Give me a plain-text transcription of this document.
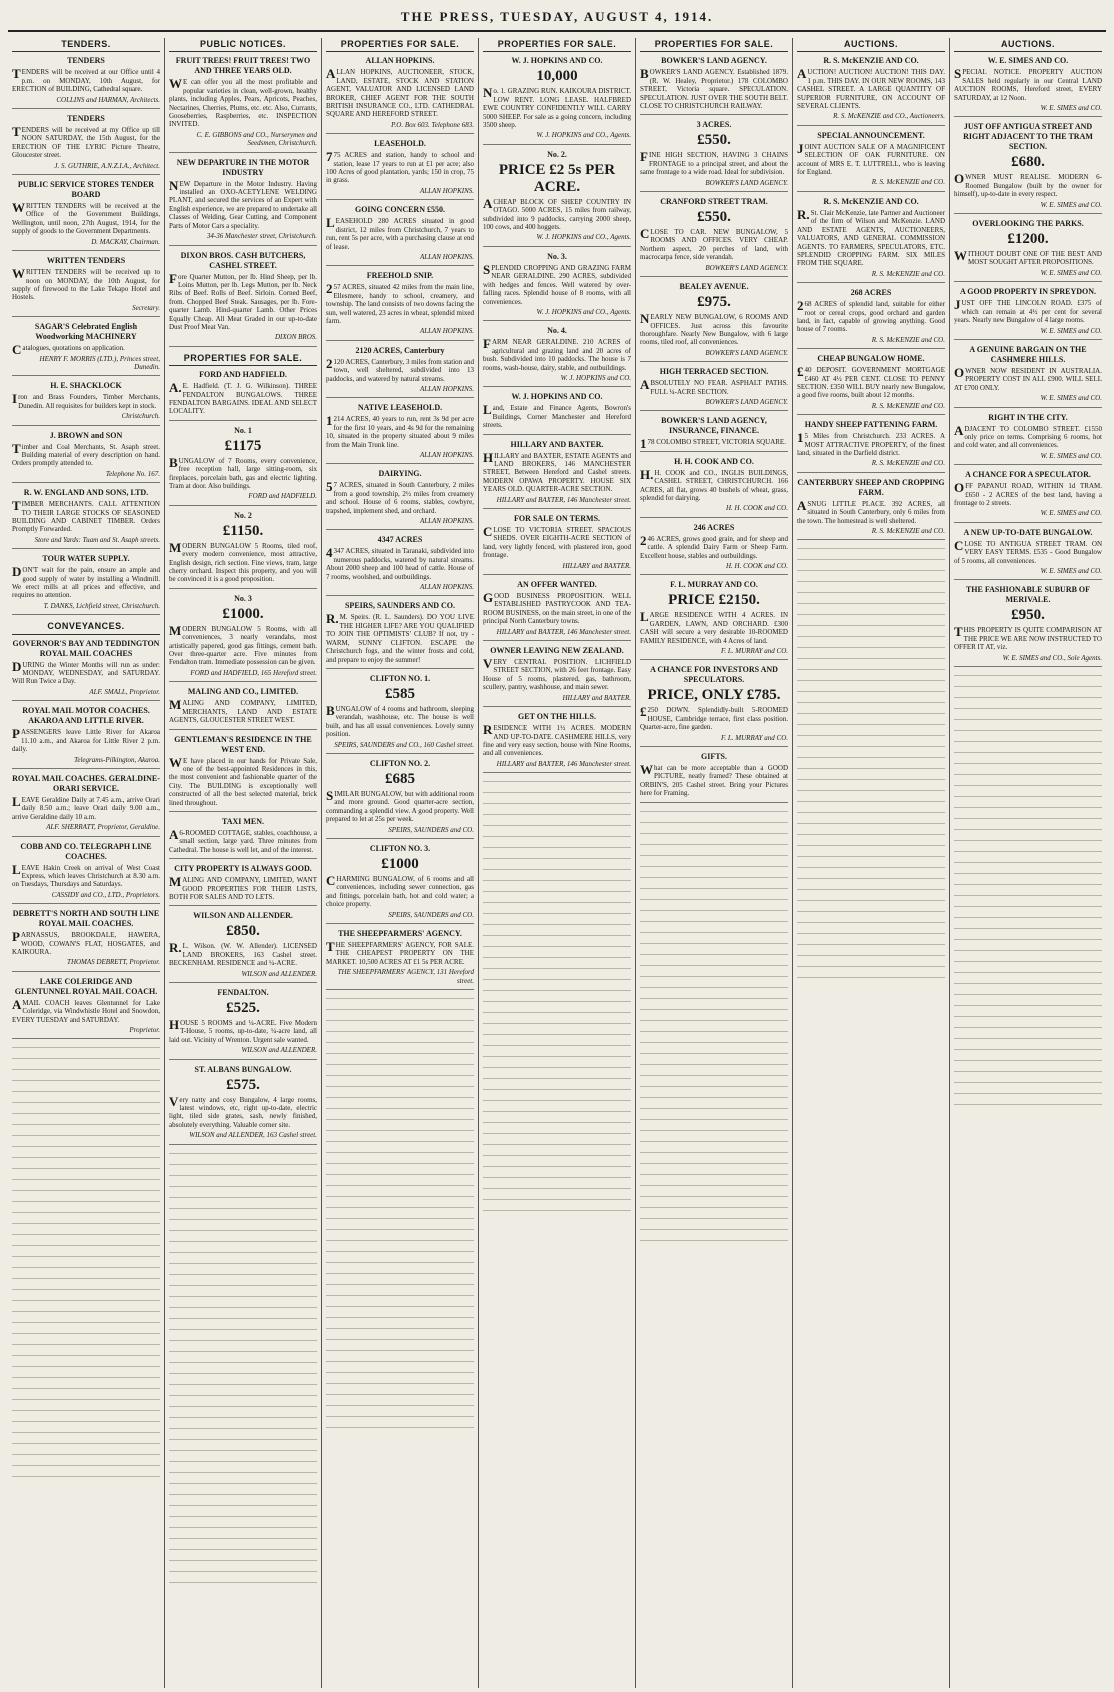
THE PRESS, TUESDAY, AUGUST 4, 1914.
TENDERS.
TENDERS
TENDERS will be received at our Office until 4 p.m. on MONDAY, 10th August, for ERECTION of BUILDING, Cathedral square.
COLLINS and HARMAN, Architects.
TENDERS
TENDERS will be received at my Office up till NOON SATURDAY, the 15th August, for the ERECTION OF THE LYRIC Picture Theatre, Gloucester street.
J. S. GUTHRIE, A.N.Z.I.A., Architect.
PUBLIC SERVICE STORES TENDER BOARD
WRITTEN TENDERS will be received at the Office of the Government Buildings, Wellington, until noon, 27th August, 1914, for the supply of goods to the Government Departments.
D. MACKAY, Chairman.
WRITTEN TENDERS
WRITTEN TENDERS will be received up to noon on MONDAY, the 10th August, for supply of firewood to the Lake Tekapo Hotel and Hostels.
Secretary.
SAGAR'S Celebrated English Woodworking MACHINERY
Catalogues, quotations on application.
HENRY F. MORRIS (LTD.), Princes street, Dunedin.
H. E. SHACKLOCK
Iron and Brass Founders, Timber Merchants, Dunedin. All requisites for builders kept in stock.
Christchurch.
J. BROWN and SON
Timber and Coal Merchants, St. Asaph street. Building material of every description on hand. Orders promptly attended to.
Telephone No. 167.
R. W. ENGLAND AND SONS, LTD.
TIMBER MERCHANTS. CALL ATTENTION TO THEIR LARGE STOCKS OF SEASONED BUILDING AND CABINET TIMBER. Orders Promptly Forwarded.
Store and Yards: Tuam and St. Asaph streets.
TOUR WATER SUPPLY.
DON'T wait for the pain, ensure an ample and good supply of water by installing a Windmill. We erect mills at all prices and effective, and requires no attention.
T. DANKS, Lichfield street, Christchurch.
CONVEYANCES.
GOVERNOR'S BAY AND TEDDINGTON ROYAL MAIL COACHES
DURING the Winter Months will run as under: MONDAY, WEDNESDAY, and SATURDAY. Will Run Twice a Day.
ALF. SMALL, Proprietor.
ROYAL MAIL MOTOR COACHES. AKAROA AND LITTLE RIVER.
PASSENGERS leave Little River for Akaroa 11.10 a.m., and Akaroa for Little River 2 p.m. daily.
Telegrams-Pilkington, Akaroa.
ROYAL MAIL COACHES. GERALDINE-ORARI SERVICE.
LEAVE Geraldine Daily at 7.45 a.m., arrive Orari daily 8.50 a.m.; leave Orari daily 9.00 a.m., arrive Geraldine daily 10 a.m.
ALF. SHERRATT, Proprietor, Geraldine.
COBB AND CO. TELEGRAPH LINE COACHES.
LEAVE Hakin Creek on arrival of West Coast Express, which leaves Christchurch at 8.30 a.m. on Tuesdays, Thursdays and Saturdays.
CASSIDY and CO., LTD., Proprietors.
DEBRETT'S NORTH AND SOUTH LINE ROYAL MAIL COACHES.
PARNASSUS, BROOKDALE, HAWERA, WOOD, COWAN'S FLAT, HOSGATES, and KAIKOURA.
THOMAS DEBRETT, Proprietor.
LAKE COLERIDGE AND GLENTUNNEL ROYAL MAIL COACH.
AMAIL COACH leaves Glentunnel for Lake Coleridge, via Windwhistle Hotel and Snowdon, EVERY TUESDAY and SATURDAY.
Proprietor.
PUBLIC NOTICES.
FRUIT TREES! FRUIT TREES! TWO AND THREE YEARS OLD.
WE can offer you all the most profitable and popular varieties in clean, well-grown, healthy plants, including Apples, Pears, Apricots, Peaches, Nectarines, Cherries, Plums, etc. etc. Also, Currants, Gooseberries, Raspberries, etc. INSPECTION INVITED.
C. E. GIBBONS and CO., Nurserymen and Seedsmen, Christchurch.
NEW DEPARTURE IN THE MOTOR INDUSTRY
NEW Departure in the Motor Industry. Having installed an OXO-ACETYLENE WELDING PLANT, and secured the services of an Expert with English experience, we are prepared to undertake all Classes of Welding, Gear Cutting, and Component Parts of Motor Cars a speciality.
34-36 Manchester street, Christchurch.
DIXON BROS. CASH BUTCHERS, CASHEL STREET.
Fore Quarter Mutton, per lb. Hind Sheep, per lb. Loins Mutton, per lb. Legs Mutton, per lb. Neck Ribs of Beef. Rolls of Beef. Sirloin. Corned Beef, from. Chopped Beef Steak. Sausages, per lb. Fore-quarter Lamb. Hind-quarter Lamb. Other Prices Equally Cheap. All Meat Graded in our up-to-date Dust Proof Meat Van.
DIXON BROS.
PROPERTIES FOR SALE.
FORD AND HADFIELD.
A.E. Hadfield. (T. J. G. Wilkinson). THREE FENDALTON BUNGALOWS. THREE FENDALTON BARGAINS. IDEAL AND SELECT LOCALITY.
No. 1
£1175
BUNGALOW of 7 Rooms, every convenience, free reception hall, large sitting-room, six fireplaces, porcelain bath, gas and electric lighting. Tram at door. Also buildings.
FORD and HADFIELD.
No. 2
£1150.
MODERN BUNGALOW 5 Rooms, tiled roof, every modern convenience, most attractive, English design, rich section. Fine views, tram, large cherry orchard. Inspect this property, and you will be convinced it is a good proposition.
No. 3
£1000.
MODERN BUNGALOW 5 Rooms, with all conveniences, 3 nearly verandahs, most artistically papered, good gas fittings, cement bath. Over three-quarter acre. Five minutes from Fendalton tram. Immediate possession can be given.
FORD and HADFIELD, 165 Hereford street.
MALING AND CO., LIMITED.
MALING AND COMPANY, LIMITED, MERCHANTS, LAND AND ESTATE AGENTS, GLOUCESTER STREET WEST.
GENTLEMAN'S RESIDENCE IN THE WEST END.
WE have placed in our hands for Private Sale, one of the best-appointed Residences in this, the most convenient and fashionable quarter of the City. The BUILDING is exceptionally well constructed of all the best selected material, brick lined throughout.
TAXI MEN.
A6-ROOMED COTTAGE, stables, coachhouse, a small section, large yard. Three minutes from Cathedral. The house is well let, and of the interest.
CITY PROPERTY IS ALWAYS GOOD.
MALING AND COMPANY, LIMITED, WANT GOOD PROPERTIES FOR THEIR LISTS, BOTH FOR SALES AND TO LETS.
WILSON AND ALLENDER.
£850.
R.L. Wilson. (W. W. Allender). LICENSED LAND BROKERS, 163 Cashel street. BECKENHAM. RESIDENCE and ¼-ACRE.
WILSON and ALLENDER.
FENDALTON.
£525.
HOUSE 5 ROOMS and ¼-ACRE. Five Modern T-House, 5 rooms, up-to-date, ¼-acre land, all laid out. Vicinity of Wrenton. Urgent sale wanted.
WILSON and ALLENDER.
ST. ALBANS BUNGALOW.
£575.
Very natty and cosy Bungalow, 4 large rooms, latest windows, etc, right up-to-date, electric light, tiled side grates, sash, newly finished, absolutely everything. Valuable corner site.
WILSON and ALLENDER, 163 Cashel street.
PROPERTIES FOR SALE.
ALLAN HOPKINS.
ALLAN HOPKINS, AUCTIONEER, STOCK, LAND, ESTATE, STOCK AND STATION AGENT, VALUATOR AND LICENSED LAND BROKER, CHIEF AGENT FOR THE SOUTH BRITISH INSURANCE CO., LTD. CATHEDRAL SQUARE AND HEREFORD STREET.
P.O. Box 603. Telephone 683.
LEASEHOLD.
775 ACRES and station, handy to school and station, lease 17 years to run at £1 per acre; also 100 Acres of good plantation, yards; 150 in crop, 75 in grass.
ALLAN HOPKINS.
GOING CONCERN £550.
LEASEHOLD 280 ACRES situated in good district, 12 miles from Christchurch, 7 years to run, rent 5s per acre, with a purchasing clause at end of lease.
ALLAN HOPKINS.
FREEHOLD SNIP.
257 ACRES, situated 42 miles from the main line, Ellesmere, handy to school, creamery, and township. The land consists of two downs facing the sun, well watered, 23 acres in wheat, splendid mixed farm.
ALLAN HOPKINS.
2120 ACRES, Canterbury
2120 ACRES, Canterbury, 3 miles from station and town, well sheltered, subdivided into 13 paddocks, and watered by natural streams.
ALLAN HOPKINS.
NATIVE LEASEHOLD.
1214 ACRES, 40 years to run, rent 3s 9d per acre for the first 10 years, and 4s 9d for the remaining 10, situated in the property situated about 9 miles from the Main Trunk line.
ALLAN HOPKINS.
DAIRYING.
57 ACRES, situated in South Canterbury, 2 miles from a good township, 2½ miles from creamery and school. House of 6 rooms, stables, cowbyre, trapshed, implement shed, and orchard.
ALLAN HOPKINS.
4347 ACRES
4347 ACRES, situated in Taranaki, subdivided into numerous paddocks, watered by natural streams. About 2000 sheep and 100 head of cattle. House of 7 rooms, woolshed, and outbuildings.
ALLAN HOPKINS.
SPEIRS, SAUNDERS AND CO.
R.M. Speirs. (R. L. Saunders). DO YOU LIVE THE HIGHER LIFE? ARE YOU QUALIFIED TO JOIN THE OPTIMISTS' CLUB? If not, try - WARM, SUNNY CLIFTON. ESCAPE the Christchurch fogs, and the winter frosts and cold, and prepare to enjoy the summer!
CLIFTON NO. 1.
£585
BUNGALOW of 4 rooms and bathroom, sleeping verandah, washhouse, etc. The house is well built, and has all usual conveniences. Lovely sunny position.
SPEIRS, SAUNDERS and CO., 160 Cashel street.
CLIFTON NO. 2.
£685
SIMILAR BUNGALOW, but with additional room and more ground. Good quarter-acre section, commanding a splendid view. A good property. Well prepared to let at 25s per week.
SPEIRS, SAUNDERS and CO.
CLIFTON NO. 3.
£1000
CHARMING BUNGALOW, of 6 rooms and all conveniences, including sewer connection, gas and fittings, porcelain bath, hot and cold water; a choice property.
SPEIRS, SAUNDERS and CO.
THE SHEEPFARMERS' AGENCY.
THE SHEEPFARMERS' AGENCY, FOR SALE. THE CHEAPEST PROPERTY ON THE MARKET. 10,500 ACRES AT £1 5s PER ACRE.
THE SHEEPFARMERS' AGENCY, 131 Hereford street.
PROPERTIES FOR SALE.
W. J. HOPKINS AND CO.
10,000
No. 1. GRAZING RUN. KAIKOURA DISTRICT. LOW RENT. LONG LEASE. HALFBRED EWE COUNTRY CONFIDENTLY WILL CARRY 5000 SHEEP. For sale as a going concern, including 3500 sheep.
W. J. HOPKINS and CO., Agents.
No. 2.
PRICE £2 5s PER ACRE.
ACHEAP BLOCK OF SHEEP COUNTRY IN OTAGO. 5000 ACRES, 15 miles from railway, subdivided into 9 paddocks, carrying 2000 sheep, 100 cows, and 400 hoggets.
W. J. HOPKINS and CO., Agents.
No. 3.
SPLENDID CROPPING AND GRAZING FARM NEAR GERALDINE. 290 ACRES, subdivided with hedges and fences. Well watered by over-falling races. Splendid house of 8 rooms, with all conveniences.
W. J. HOPKINS and CO., Agents.
No. 4.
FARM NEAR GERALDINE. 210 ACRES of agricultural and grazing land and 20 acres of bush. Subdivided into 10 paddocks. The house is 7 rooms, wash-house, dairy, stable, and outbuildings.
W. J. HOPKINS and CO.
W. J. HOPKINS AND CO.
Land, Estate and Finance Agents, Bowron's Buildings, Corner Manchester and Hereford streets.
HILLARY AND BAXTER.
HILLARY and BAXTER, ESTATE AGENTS and LAND BROKERS, 146 MANCHESTER STREET, Between Hereford and Cashel streets. MODERN OPAWA PROPERTY. HOUSE SIX YEARS OLD. QUARTER-ACRE SECTION.
HILLARY and BAXTER, 146 Manchester street.
FOR SALE ON TERMS.
CLOSE TO VICTORIA STREET. SPACIOUS SHEDS. OVER EIGHTH-ACRE SECTION of land, very lightly fenced, with plastered iron, good frontage.
HILLARY and BAXTER.
AN OFFER WANTED.
GOOD BUSINESS PROPOSITION. WELL ESTABLISHED PASTRYCOOK AND TEA-ROOM BUSINESS, on the main street, in one of the principal North Canterbury towns.
HILLARY and BAXTER, 146 Manchester street.
OWNER LEAVING NEW ZEALAND.
VERY CENTRAL POSITION. LICHFIELD STREET SECTION, with 26 feet frontage. Easy House of 5 rooms, plastered, gas, bathroom, scullery, pantry, washhouse, and main sewer.
HILLARY and BAXTER.
GET ON THE HILLS.
RESIDENCE WITH 1½ ACRES. MODERN AND UP-TO-DATE. CASHMERE HILLS, very fine and very easy section, house with Nine Rooms, and all conveniences.
HILLARY and BAXTER, 146 Manchester street.
PROPERTIES FOR SALE.
BOWKER'S LAND AGENCY.
BOWKER'S LAND AGENCY. Established 1879. (R. W. Healey, Proprietor.) 178 COLOMBO STREET, Victoria square. SPECULATION. SPECULATION. JUST OVER THE SOUTH BELT. CLOSE TO CHRISTCHURCH RAILWAY.
3 ACRES.
£550.
FINE HIGH SECTION, HAVING 3 CHAINS FRONTAGE to a principal street, and about the same frontage to a wide road. Ideal for subdivision.
BOWKER'S LAND AGENCY.
CRANFORD STREET TRAM.
£550.
CLOSE TO CAR. NEW BUNGALOW, 5 ROOMS AND OFFICES. VERY CHEAP. Northern aspect, 20 perches of land, with macrocarpa fence, side verandah.
BOWKER'S LAND AGENCY.
BEALEY AVENUE.
£975.
NEARLY NEW BUNGALOW, 6 ROOMS AND OFFICES. Just across this favourite thoroughfare. Nearly New Bungalow, with 6 large rooms, tiled roof, all conveniences.
BOWKER'S LAND AGENCY.
HIGH TERRACED SECTION.
ABSOLUTELY NO FEAR. ASPHALT PATHS. FULL ¼-ACRE SECTION.
BOWKER'S LAND AGENCY.
BOWKER'S LAND AGENCY, INSURANCE, FINANCE.
178 COLOMBO STREET, VICTORIA SQUARE.
H. H. COOK AND CO.
H.H. COOK and CO., INGLIS BUILDINGS, CASHEL STREET, CHRISTCHURCH. 166 ACRES, all flat, grows 40 bushels of wheat, grass, splendid for dairying.
H. H. COOK and CO.
246 ACRES
246 ACRES, grows good grain, and for sheep and cattle. A splendid Dairy Farm or Sheep Farm. Excellent house, stables and outbuildings.
H. H. COOK and CO.
F. L. MURRAY AND CO.
PRICE £2150.
LARGE RESIDENCE WITH 4 ACRES. IN GARDEN, LAWN, AND ORCHARD. £300 CASH will secure a very desirable 10-ROOMED FAMILY RESIDENCE, with 4 Acres of land.
F. L. MURRAY and CO.
A CHANCE FOR INVESTORS AND SPECULATORS.
PRICE, ONLY £785.
£250 DOWN. Splendidly-built 5-ROOMED HOUSE, Cambridge terrace, first class position. Quarter-acre, fine garden.
F. L. MURRAY and CO.
GIFTS.
What can be more acceptable than a GOOD PICTURE, neatly framed? These obtained at ORBIN'S, 205 Cashel street. Bring your Pictures here for Framing.
AUCTIONS.
R. S. McKENZIE AND CO.
AUCTION! AUCTION! AUCTION! THIS DAY. 1 p.m. THIS DAY. IN OUR NEW ROOMS, 143 CASHEL STREET. A LARGE QUANTITY OF SUPERIOR FURNITURE, ON ACCOUNT OF SEVERAL CLIENTS.
R. S. McKENZIE and CO., Auctioneers.
SPECIAL ANNOUNCEMENT.
JOINT AUCTION SALE OF A MAGNIFICENT SELECTION OF OAK FURNITURE. ON account of MRS E. T. LUTTRELL, who is leaving for England.
R. S. McKENZIE and CO.
R. S. McKENZIE AND CO.
R.St. Clair McKenzie, late Partner and Auctioneer of the firm of Wilson and McKenzie. LAND AND ESTATE AGENTS, AUCTIONEERS, VALUATORS, AND GENERAL COMMISSION AGENTS. TO FARMERS, SPECULATORS, ETC. SPLENDID CROPPING FARM. SIX MILES FROM THE SQUARE.
R. S. McKENZIE and CO.
268 ACRES
268 ACRES of splendid land, suitable for either root or cereal crops, good orchard and garden land, in fact, capable of growing anything. Good house of 7 rooms.
R. S. McKENZIE and CO.
CHEAP BUNGALOW HOME.
£40 DEPOSIT. GOVERNMENT MORTGAGE £460 AT 4½ PER CENT. CLOSE TO PENNY SECTION. £350 WILL BUY nearly new Bungalow, a good five rooms, built about 12 months.
R. S. McKENZIE and CO.
HANDY SHEEP FATTENING FARM.
15 Miles from Christchurch. 233 ACRES. A MOST ATTRACTIVE PROPERTY, of the finest land, situated in the Darfield district.
R. S. McKENZIE and CO.
CANTERBURY SHEEP AND CROPPING FARM.
ASNUG LITTLE PLACE. 392 ACRES, all situated in South Canterbury, only 6 miles from the town. The homestead is well sheltered.
R. S. McKENZIE and CO.
AUCTIONS.
W. E. SIMES AND CO.
SPECIAL NOTICE. PROPERTY AUCTION SALES held regularly in our Central LAND AUCTION ROOMS, Hereford street, EVERY SATURDAY, at 12 Noon.
W. E. SIMES and CO.
JUST OFF ANTIGUA STREET AND RIGHT ADJACENT TO THE TRAM SECTION.
£680.
OWNER MUST REALISE. MODERN 6-Roomed Bungalow (built by the owner for himself), up-to-date in every respect.
W. E. SIMES and CO.
OVERLOOKING THE PARKS.
£1200.
WITHOUT DOUBT ONE OF THE BEST AND MOST SOUGHT AFTER PROPOSITIONS.
W. E. SIMES and CO.
A GOOD PROPERTY IN SPREYDON.
JUST OFF THE LINCOLN ROAD. £375 of which can remain at 4½ per cent for several years. Nearly new Bungalow of 4 large rooms.
W. E. SIMES and CO.
A GENUINE BARGAIN ON THE CASHMERE HILLS.
OWNER NOW RESIDENT IN AUSTRALIA. PROPERTY COST IN ALL £900. WILL SELL AT £700 ONLY.
W. E. SIMES and CO.
RIGHT IN THE CITY.
ADJACENT TO COLOMBO STREET. £1550 only price on terms. Comprising 6 rooms, hot and cold water, and all conveniences.
W. E. SIMES and CO.
A CHANCE FOR A SPECULATOR.
OFF PAPANUI ROAD, WITHIN 1d TRAM. £650 - 2 ACRES of the best land, having a frontage to 2 streets.
W. E. SIMES and CO.
A NEW UP-TO-DATE BUNGALOW.
CLOSE TO ANTIGUA STREET TRAM. ON VERY EASY TERMS. £535 - Good Bungalow of 5 rooms, all conveniences.
W. E. SIMES and CO.
THE FASHIONABLE SUBURB OF MERIVALE.
£950.
THIS PROPERTY IS QUITE COMPARISON AT THE PRICE WE ARE NOW INSTRUCTED TO OFFER IT AT, viz.
W. E. SIMES and CO., Sole Agents.
